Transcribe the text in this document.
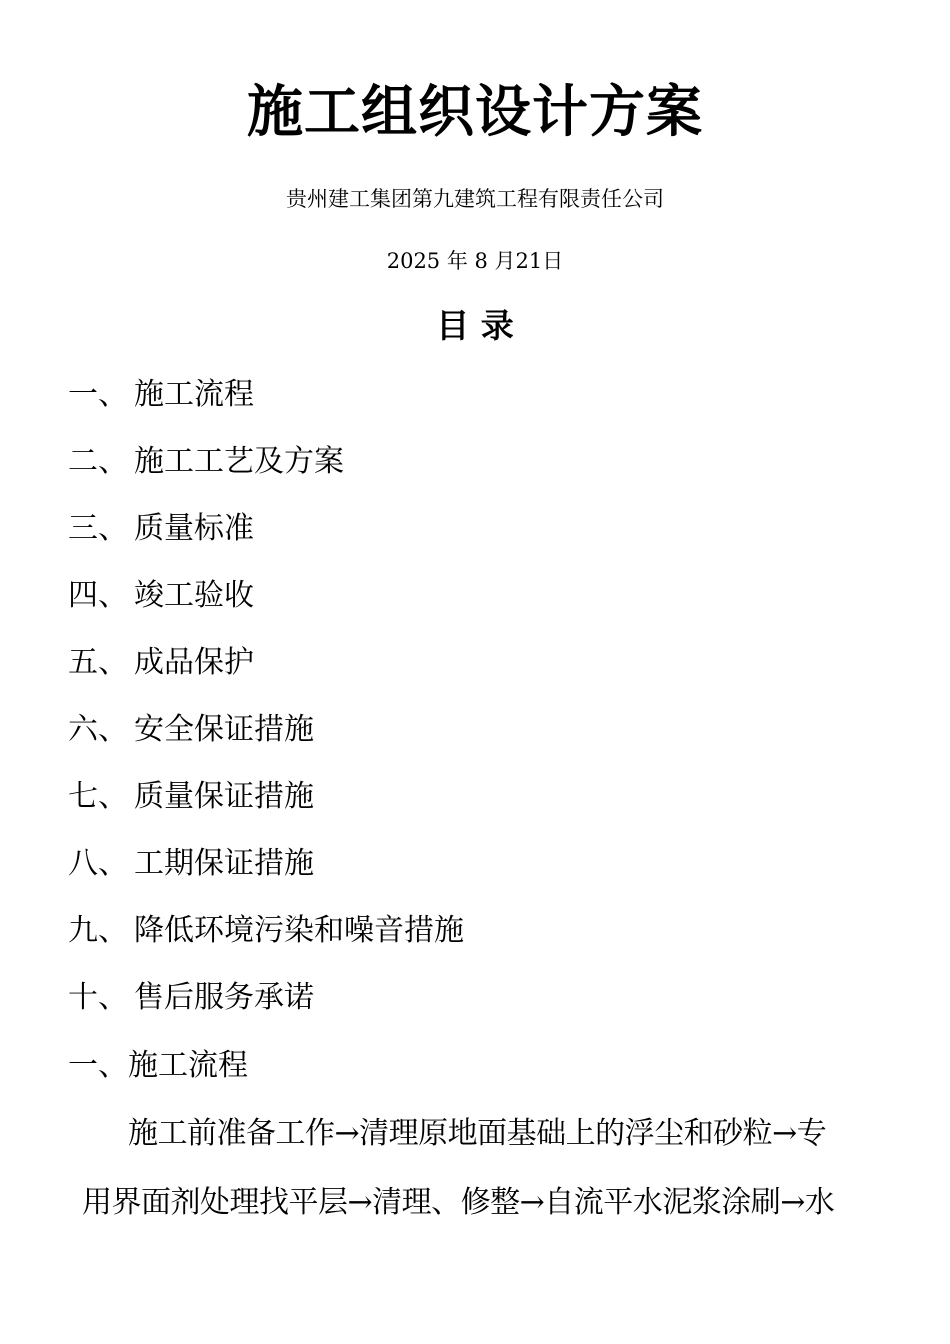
施工组织设计方案
贵州建工集团第九建筑工程有限责任公司
2025 年 8 月21日
目 录
一、 施工流程
二、 施工工艺及方案
三、 质量标准
四、 竣工验收
五、 成品保护
六、 安全保证措施
七、 质量保证措施
八、 工期保证措施
九、 降低环境污染和噪音措施
十、 售后服务承诺
一、施工流程
施工前准备工作→清理原地面基础上的浮尘和砂粒→专
用界面剂处理找平层→清理、修整→自流平水泥浆涂刷→水
